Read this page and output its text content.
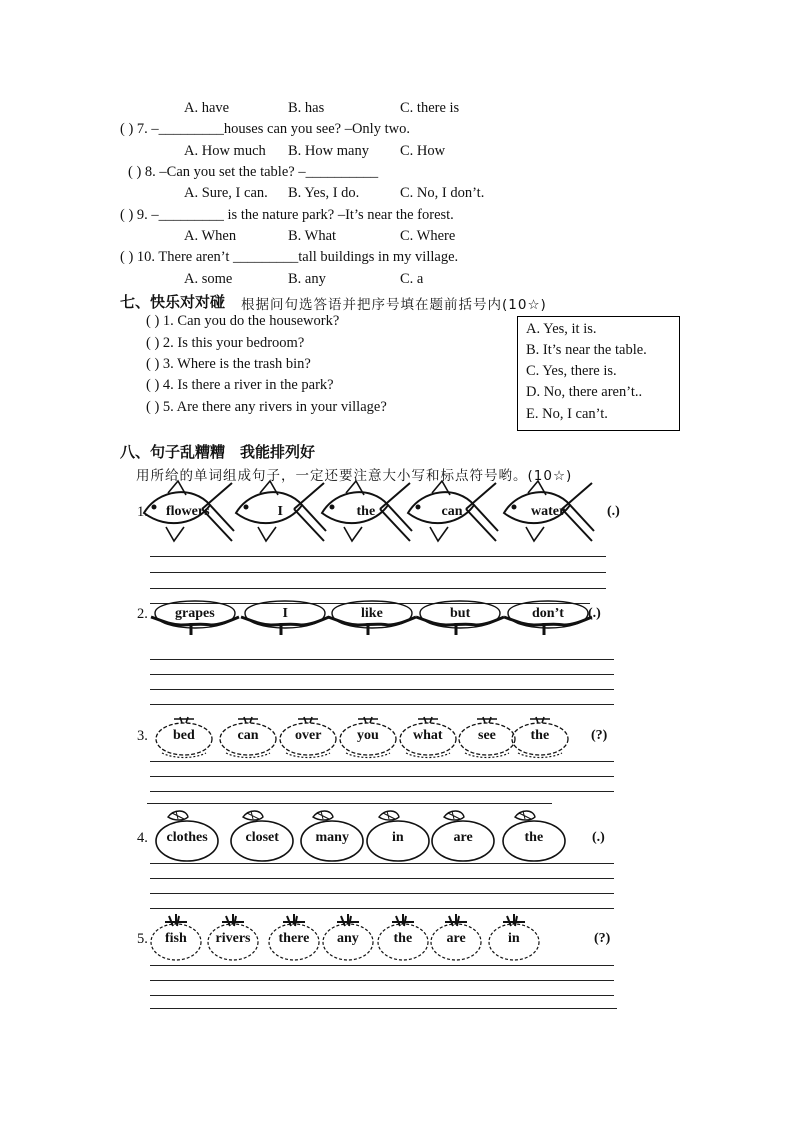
A. have	B. has	C. there is
( ) 7. –_________houses can you see? –Only two.
A. How much B. How many C. How
( ) 8. –Can you set the table? –__________
A. Sure, I can. B. Yes, I do.	C. No, I don’t.
( ) 9. –_________ is the nature park? –It’s near the forest.
A. When	B. What	C. Where
( ) 10. There aren’t _________tall buildings in my village.
A. some	B. any	C. a
七、快乐对对碰 根据问句选答语并把序号填在题前括号内(10☆)
( ) 1. Can you do the housework?
( ) 2. Is this your bedroom?
( ) 3. Where is the trash bin?
( ) 4. Is there a river in the park?
( ) 5. Are there any rivers in your village?
A. Yes, it is.
B. It’s near the table.
C. Yes, there is.
D. No, there aren’t..
E. No, I can’t.
八、句子乱糟糟　我能排列好
用所给的单词组成句子，一定还要注意大小写和标点符号哟。(10☆)
1. flowers	I	the	can	water	(.)
2. grapes	I	like	but	don’t (.)
3. bed	can	over	you what	see the	(?)
4. clothes	closet	many	in	are	the	(.)
5. fish rivers there any the are	in	(?)
